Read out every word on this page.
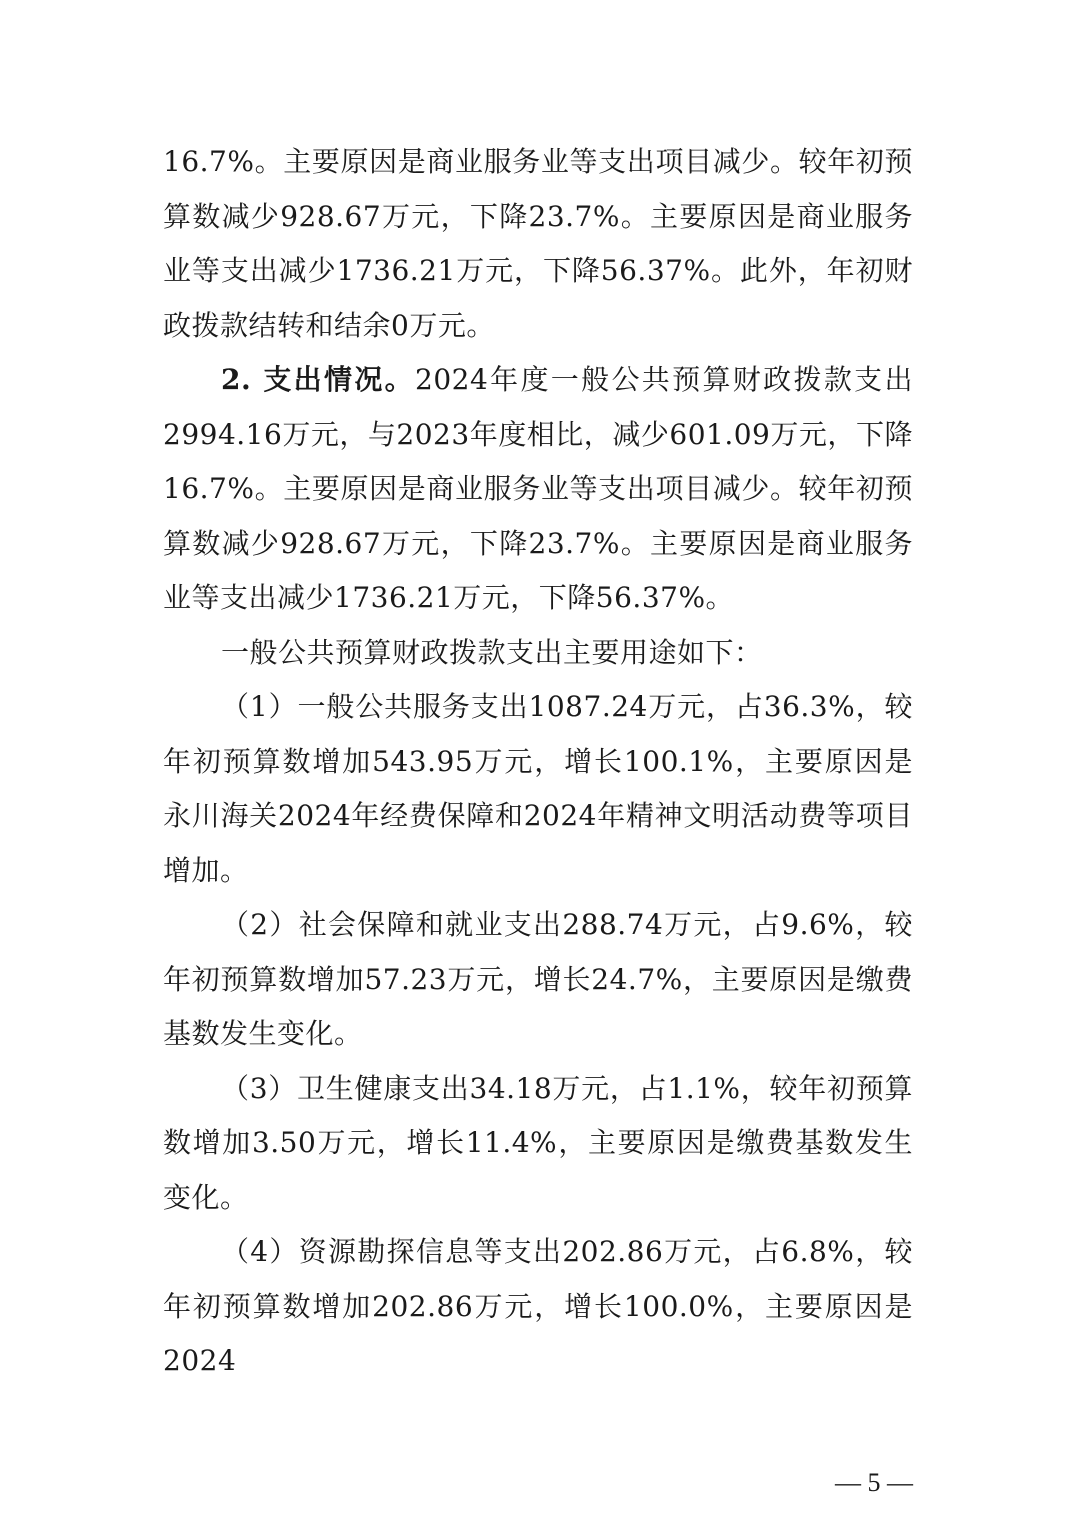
16.7%。主要原因是商业服务业等支出项目减少。较年初预算数减少928.67万元，下降23.7%。主要原因是商业服务业等支出减少1736.21万元，下降56.37%。此外，年初财政拨款结转和结余0万元。

2. 支出情况。2024年度一般公共预算财政拨款支出2994.16万元，与2023年度相比，减少601.09万元，下降16.7%。主要原因是商业服务业等支出项目减少。较年初预算数减少928.67万元，下降23.7%。主要原因是商业服务业等支出减少1736.21万元，下降56.37%。

一般公共预算财政拨款支出主要用途如下：

（1）一般公共服务支出1087.24万元，占36.3%，较年初预算数增加543.95万元，增长100.1%，主要原因是永川海关2024年经费保障和2024年精神文明活动费等项目增加。

（2）社会保障和就业支出288.74万元，占9.6%，较年初预算数增加57.23万元，增长24.7%，主要原因是缴费基数发生变化。

（3）卫生健康支出34.18万元，占1.1%，较年初预算数增加3.50万元，增长11.4%，主要原因是缴费基数发生变化。

（4）资源勘探信息等支出202.86万元，占6.8%，较年初预算数增加202.86万元，增长100.0%，主要原因是2024

— 5 —
